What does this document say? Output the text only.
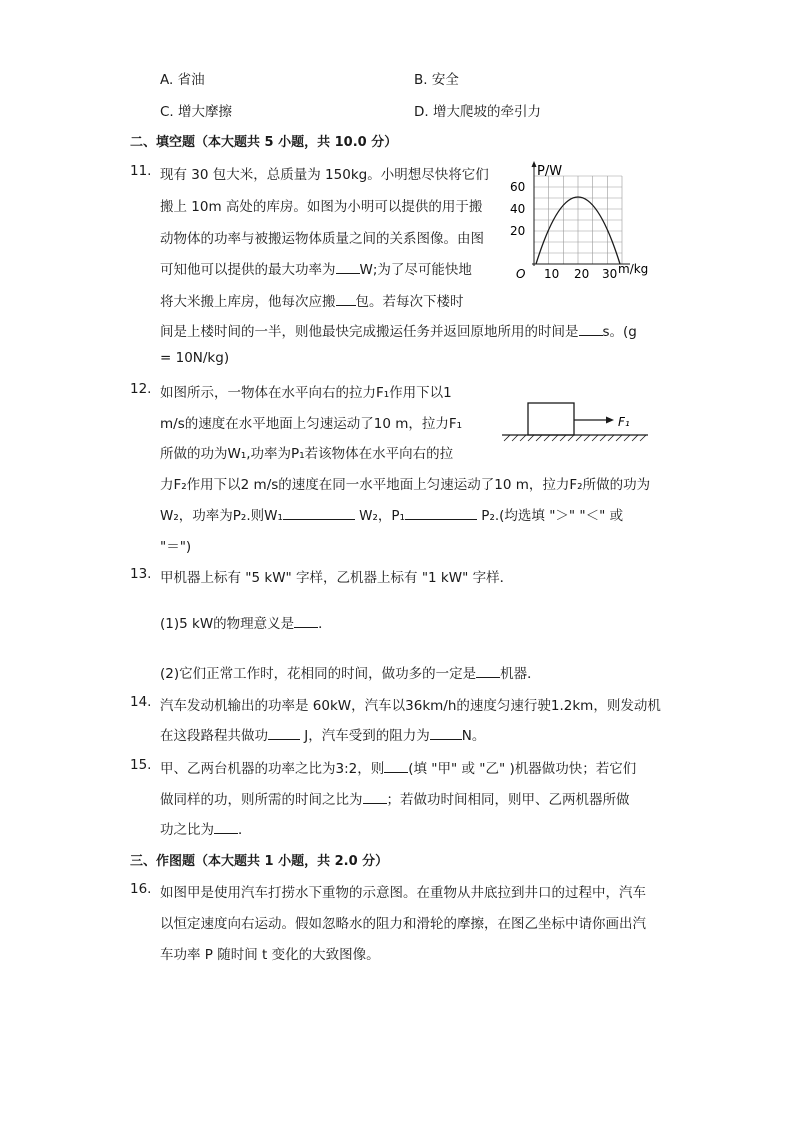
A. 省油	B. 安全
C. 增大摩擦	D. 增大爬坡的牵引力
二、填空题（本大题共 5 小题，共 10.0 分）
11. 现有 30 包大米，总质量为 150kg。小明想尽快将它们
搬上 10m 高处的库房。如图为小明可以提供的用于搬
动物体的功率与被搬运物体质量之间的关系图像。由图
可知他可以提供的最大功率为 W;为了尽可能快地
将大米搬上库房，他每次应搬 包。若每次下楼时
间是上楼时间的一半，则他最快完成搬运任务并返回原地所用的时间是 s。(g
= 10N/kg)
P/W
60
40
20
O 10 20 30 m/kg
12. 如图所示，一物体在水平向右的拉力F₁作用下以1
m/s的速度在水平地面上匀速运动了10 m，拉力F₁
所做的功为W₁,功率为P₁若该物体在水平向右的拉
力F₂作用下以2 m/s的速度在同一水平地面上匀速运动了10 m，拉力F₂所做的功为
W₂，功率为P₂.则W₁	W₂，P₁	P₂.(均选填 "＞" "＜" 或
"＝")
F₁
13. 甲机器上标有 "5 kW" 字样，乙机器上标有 "1 kW" 字样．
(1)5 kW的物理意义是 ．
(2)它们正常工作时，花相同的时间，做功多的一定是 机器．
14. 汽车发动机输出的功率是 60kW，汽车以36km/h的速度匀速行驶1.2km，则发动机
在这段路程共做功	J，汽车受到的阻力为 N。
15. 甲、乙两台机器的功率之比为3:2，则 (填 "甲" 或 "乙" )机器做功快；若它们
做同样的功，则所需的时间之比为 ；若做功时间相同，则甲、乙两机器所做
功之比为 ．
三、作图题（本大题共 1 小题，共 2.0 分）
16. 如图甲是使用汽车打捞水下重物的示意图。在重物从井底拉到井口的过程中，汽车
以恒定速度向右运动。假如忽略水的阻力和滑轮的摩擦，在图乙坐标中请你画出汽
车功率 P 随时间 t 变化的大致图像。
